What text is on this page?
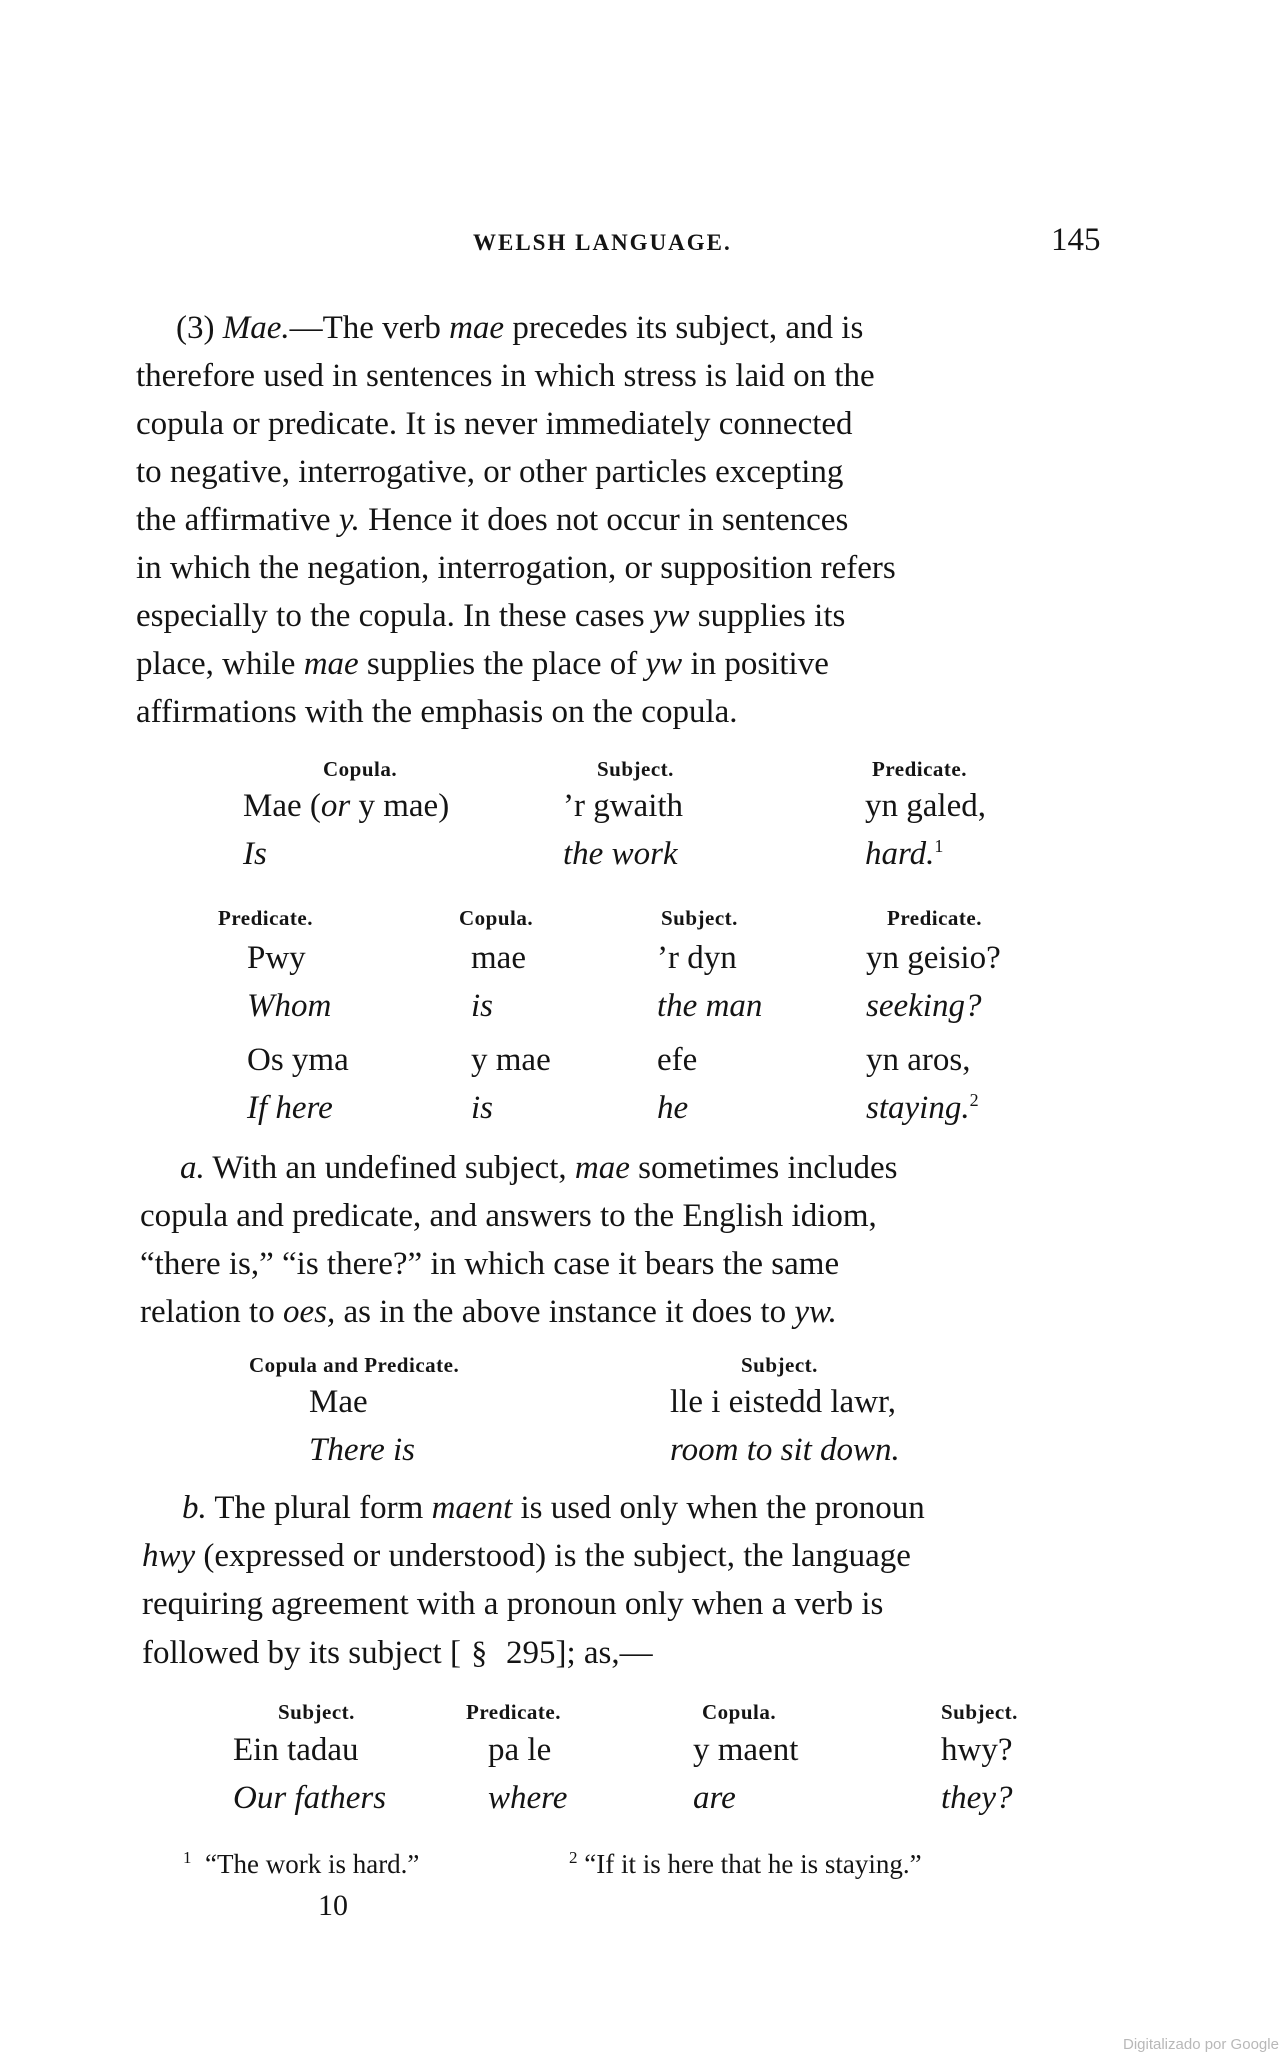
WELSH LANGUAGE.	145
(3) Mae.—The verb mae precedes its subject, and is
therefore used in sentences in which stress is laid on the
copula or predicate. It is never immediately connected
to negative, interrogative, or other particles excepting
the affirmative y. Hence it does not occur in sentences
in which the negation, interrogation, or supposition refers
especially to the copula. In these cases yw supplies its
place, while mae supplies the place of yw in positive
affirmations with the emphasis on the copula.
Copula.	Subject.	Predicate.
Mae (or y mae)	’r gwaith	yn galed,
Is	the work	hard.$^1$
Predicate.	Copula.	Subject.	Predicate.
Pwy	mae	’r dyn	yn geisio?
Whom	is	the man	seeking?
Os yma	y mae	efe	yn aros,
If here	is	he	staying.$^2$
a. With an undefined subject, mae sometimes includes
copula and predicate, and answers to the English idiom,
“there is,” “is there?” in which case it bears the same
relation to oes, as in the above instance it does to yw.
Copula and Predicate.	Subject.
Mae	lle i eistedd lawr,
There is	room to sit down.
b. The plural form maent is used only when the pronoun
hwy (expressed or understood) is the subject, the language
requiring agreement with a pronoun only when a verb is
followed by its subject [ § 295]; as,—
Subject.	Predicate.	Copula.	Subject.
Ein tadau	pa le	y maent	hwy?
Our fathers	where	are	they?
$^1$ “The work is hard.”	$^2$ “If it is here that he is staying.”
10
Digitalizado por Google
